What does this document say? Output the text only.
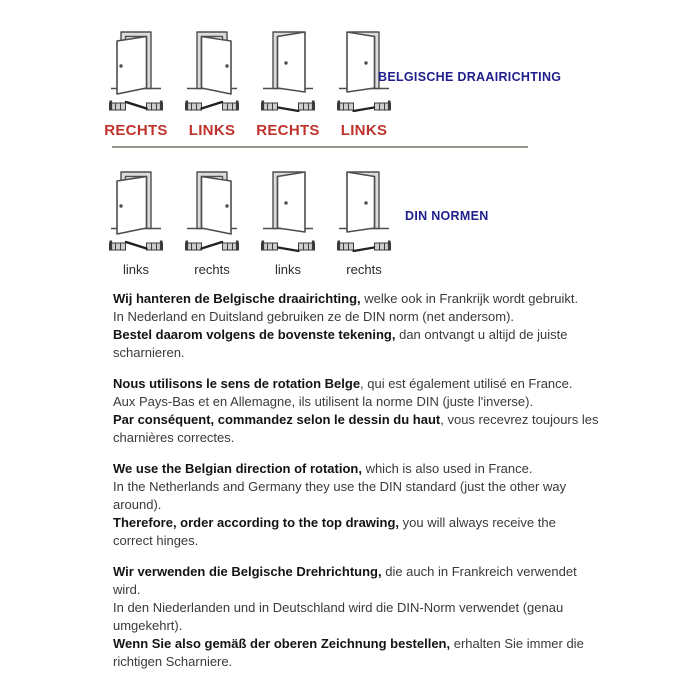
RECHTS LINKS RECHTS LINKS
BELGISCHE DRAAIRICHTING
links	rechts	links	rechts
DIN NORMEN
Wij hanteren de Belgische draairichting, welke ook in Frankrijk wordt gebruikt.
In Nederland en Duitsland gebruiken ze de DIN norm (net andersom).
Bestel daarom volgens de bovenste tekening, dan ontvangt u altijd de juiste
scharnieren.
Nous utilisons le sens de rotation Belge, qui est également utilisé en France.
Aux Pays-Bas et en Allemagne, ils utilisent la norme DIN (juste l'inverse).
Par conséquent, commandez selon le dessin du haut, vous recevrez toujours les
charnières correctes.
We use the Belgian direction of rotation, which is also used in France.
In the Netherlands and Germany they use the DIN standard (just the other way
around).
Therefore, order according to the top drawing, you will always receive the
correct hinges.
Wir verwenden die Belgische Drehrichtung, die auch in Frankreich verwendet
wird.
In den Niederlanden und in Deutschland wird die DIN-Norm verwendet (genau
umgekehrt).
Wenn Sie also gemäß der oberen Zeichnung bestellen, erhalten Sie immer die
richtigen Scharniere.
